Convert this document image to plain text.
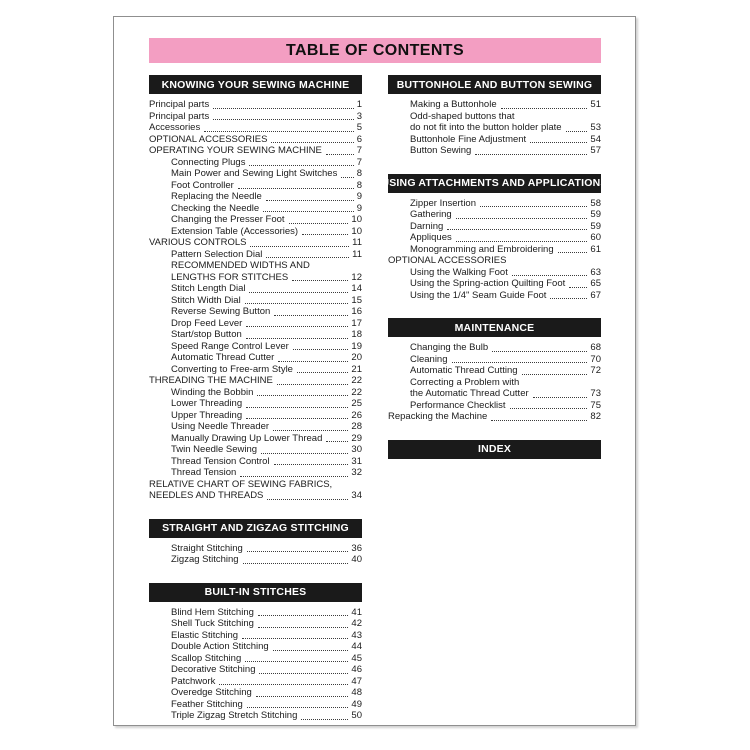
TABLE OF CONTENTS
KNOWING YOUR SEWING MACHINE
Principal parts	1
Principal parts	3
Accessories	5
OPTIONAL ACCESSORIES	6
OPERATING YOUR SEWING MACHINE	7
Connecting Plugs	7
Main Power and Sewing Light Switches 8
Foot Controller	8
Replacing the Needle	9
Checking the Needle	9
Changing the Presser Foot	10
Extension Table (Accessories)	10
VARIOUS CONTROLS	11
Pattern Selection Dial	11
RECOMMENDED WIDTHS AND
LENGTHS FOR STITCHES	12
Stitch Length Dial	14
Stitch Width Dial	15
Reverse Sewing Button	16
Drop Feed Lever	17
Start/stop Button	18
Speed Range Control Lever	19
Automatic Thread Cutter	20
Converting to Free-arm Style	21
THREADING THE MACHINE	22
Winding the Bobbin	22
Lower Threading	25
Upper Threading	26
Using Needle Threader	28
Manually Drawing Up Lower Thread	29
Twin Needle Sewing	30
Thread Tension Control	31
Thread Tension	32
RELATIVE CHART OF SEWING FABRICS,
NEEDLES AND THREADS	34
STRAIGHT AND ZIGZAG STITCHING
Straight Stitching	36
Zigzag Stitching	40
BUILT-IN STITCHES
Blind Hem Stitching	41
Shell Tuck Stitching	42
Elastic Stitching	43
Double Action Stitching	44
Scallop Stitching	45
Decorative Stitching	46
Patchwork	47
Overedge Stitching	48
Feather Stitching	49
Triple Zigzag Stretch Stitching	50
BUTTONHOLE AND BUTTON SEWING
Making a Buttonhole	51
Odd-shaped buttons that
do not fit into the button holder plate	53
Buttonhole Fine Adjustment	54
Button Sewing	57
USING ATTACHMENTS AND APPLICATIONS
Zipper Insertion	58
Gathering	59
Darning	59
Appliques	60
Monogramming and Embroidering	61
OPTIONAL ACCESSORIES
Using the Walking Foot	63
Using the Spring-action Quilting Foot	65
Using the 1/4" Seam Guide Foot	67
MAINTENANCE
Changing the Bulb	68
Cleaning	70
Automatic Thread Cutting	72
Correcting a Problem with
the Automatic Thread Cutter	73
Performance Checklist	75
Repacking the Machine	82
INDEX
